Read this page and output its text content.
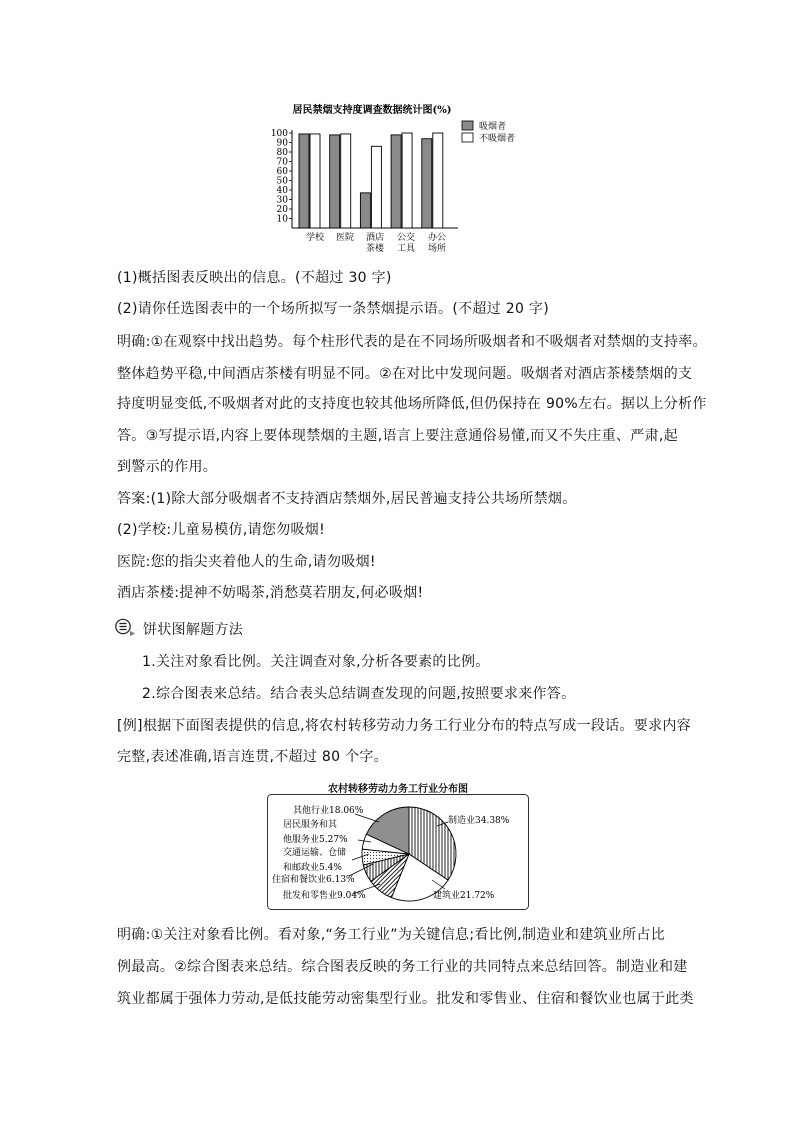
居民禁烟支持度调查数据统计图(%)
10
20
30
40
50
60
70
80
90
100
吸烟者
不吸烟者
学校 医院 酒店
茶楼
公交
工具
办公
场所
(1)概括图表反映出的信息。(不超过 30 字)
(2)请你任选图表中的一个场所拟写一条禁烟提示语。(不超过 20 字)
明确:①在观察中找出趋势。每个柱形代表的是在不同场所吸烟者和不吸烟者对禁烟的支持率。
整体趋势平稳,中间酒店茶楼有明显不同。②在对比中发现问题。吸烟者对酒店茶楼禁烟的支
持度明显变低,不吸烟者对此的支持度也较其他场所降低,但仍保持在 90%左右。据以上分析作
答。③写提示语,内容上要体现禁烟的主题,语言上要注意通俗易懂,而又不失庄重、严肃,起
到警示的作用。
答案:(1)除大部分吸烟者不支持酒店禁烟外,居民普遍支持公共场所禁烟。
(2)学校:儿童易模仿,请您勿吸烟!
医院:您的指尖夹着他人的生命,请勿吸烟!
酒店茶楼:提神不妨喝茶,消愁莫若朋友,何必吸烟!
饼状图解题方法
1.关注对象看比例。关注调查对象,分析各要素的比例。
2.综合图表来总结。结合表头总结调查发现的问题,按照要求来作答。
[例]根据下面图表提供的信息,将农村转移劳动力务工行业分布的特点写成一段话。要求内容
完整,表述准确,语言连贯,不超过 80 个字。
农村转移劳动力务工行业分布图
其他行业18.06%
居民服务和其
他服务业5.27%
交通运输、仓储
和邮政业5.4%
住宿和餐饮业6.13%
批发和零售业9.04%
制造业34.38%
建筑业21.72%
明确:①关注对象看比例。看对象,“务工行业”为关键信息;看比例,制造业和建筑业所占比
例最高。②综合图表来总结。综合图表反映的务工行业的共同特点来总结回答。制造业和建
筑业都属于强体力劳动,是低技能劳动密集型行业。批发和零售业、住宿和餐饮业也属于此类
